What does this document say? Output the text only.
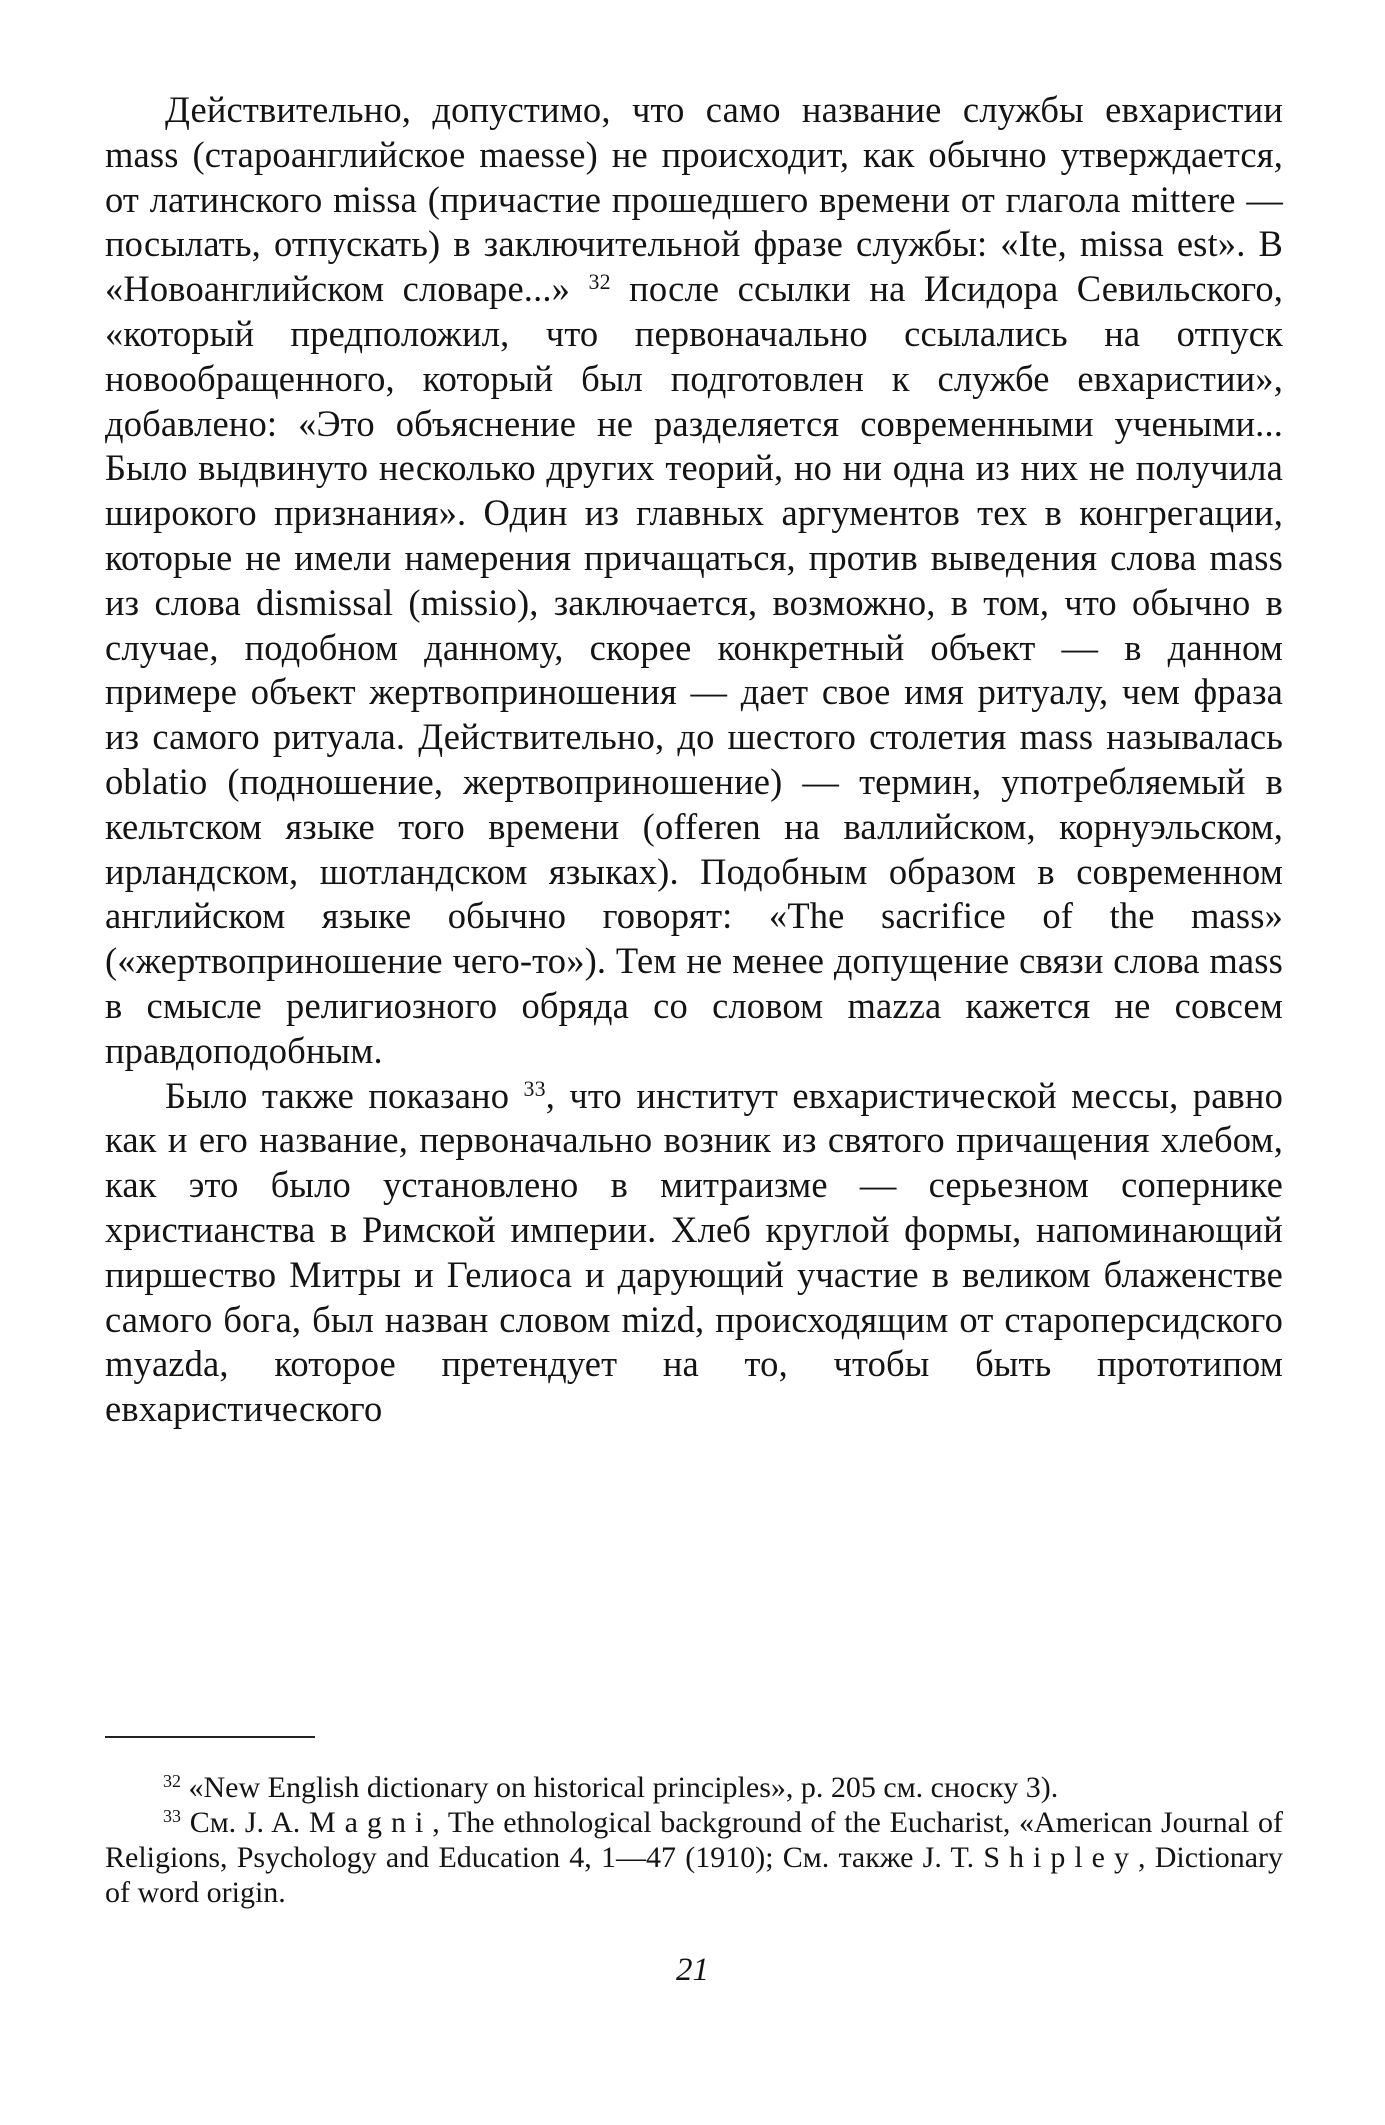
Действительно, допустимо, что само название службы евхаристии mass (староанглийское maesse) не происходит, как обычно утверждается, от латинского missa (причастие прошедшего времени от глагола mittere — посылать, отпускать) в заключительной фразе службы: «Ite, missa est». В «Новоанглийском словаре...» $^{32}$ после ссылки на Исидора Севильского, «который предположил, что первоначально ссылались на отпуск новообращенного, который был подготовлен к службе евхаристии», добавлено: «Это объяснение не разделяется современными учеными... Было выдвинуто несколько других теорий, но ни одна из них не получила широкого признания». Один из главных аргументов тех в конгрегации, которые не имели намерения причащаться, против выведения слова mass из слова dismissal (missio), заключается, возможно, в том, что обычно в случае, подобном данному, скорее конкретный объект — в данном примере объект жертвоприношения — дает свое имя ритуалу, чем фраза из самого ритуала. Действительно, до шестого столетия mass называлась oblatio (подношение, жертвоприношение) — термин, употребляемый в кельтском языке того времени (offeren на валлийском, корнуэльском, ирландском, шотландском языках). Подобным образом в современном английском языке обычно говорят: «The sacrifice of the mass» («жертвоприношение чего-то»). Тем не менее допущение связи слова mass в смысле религиозного обряда со словом mazza кажется не совсем правдоподобным.

Было также показано $^{33}$, что институт евхаристической мессы, равно как и его название, первоначально возник из святого причащения хлебом, как это было установлено в митраизме — серьезном сопернике христианства в Римской империи. Хлеб круглой формы, напоминающий пиршество Митры и Гелиоса и дарующий участие в великом блаженстве самого бога, был назван словом mizd, происходящим от староперсидского myazda, которое претендует на то, чтобы быть прототипом евхаристического

$^{32}$ «New English dictionary on historical principles», p. 205 см. сноску 3).

$^{33}$ См. J. A. Magni, The ethnological background of the Eucharist, «American Journal of Religions, Psychology and Education 4, 1—47 (1910); См. также J. T. Shipley, Dictionary of word origin.

21
